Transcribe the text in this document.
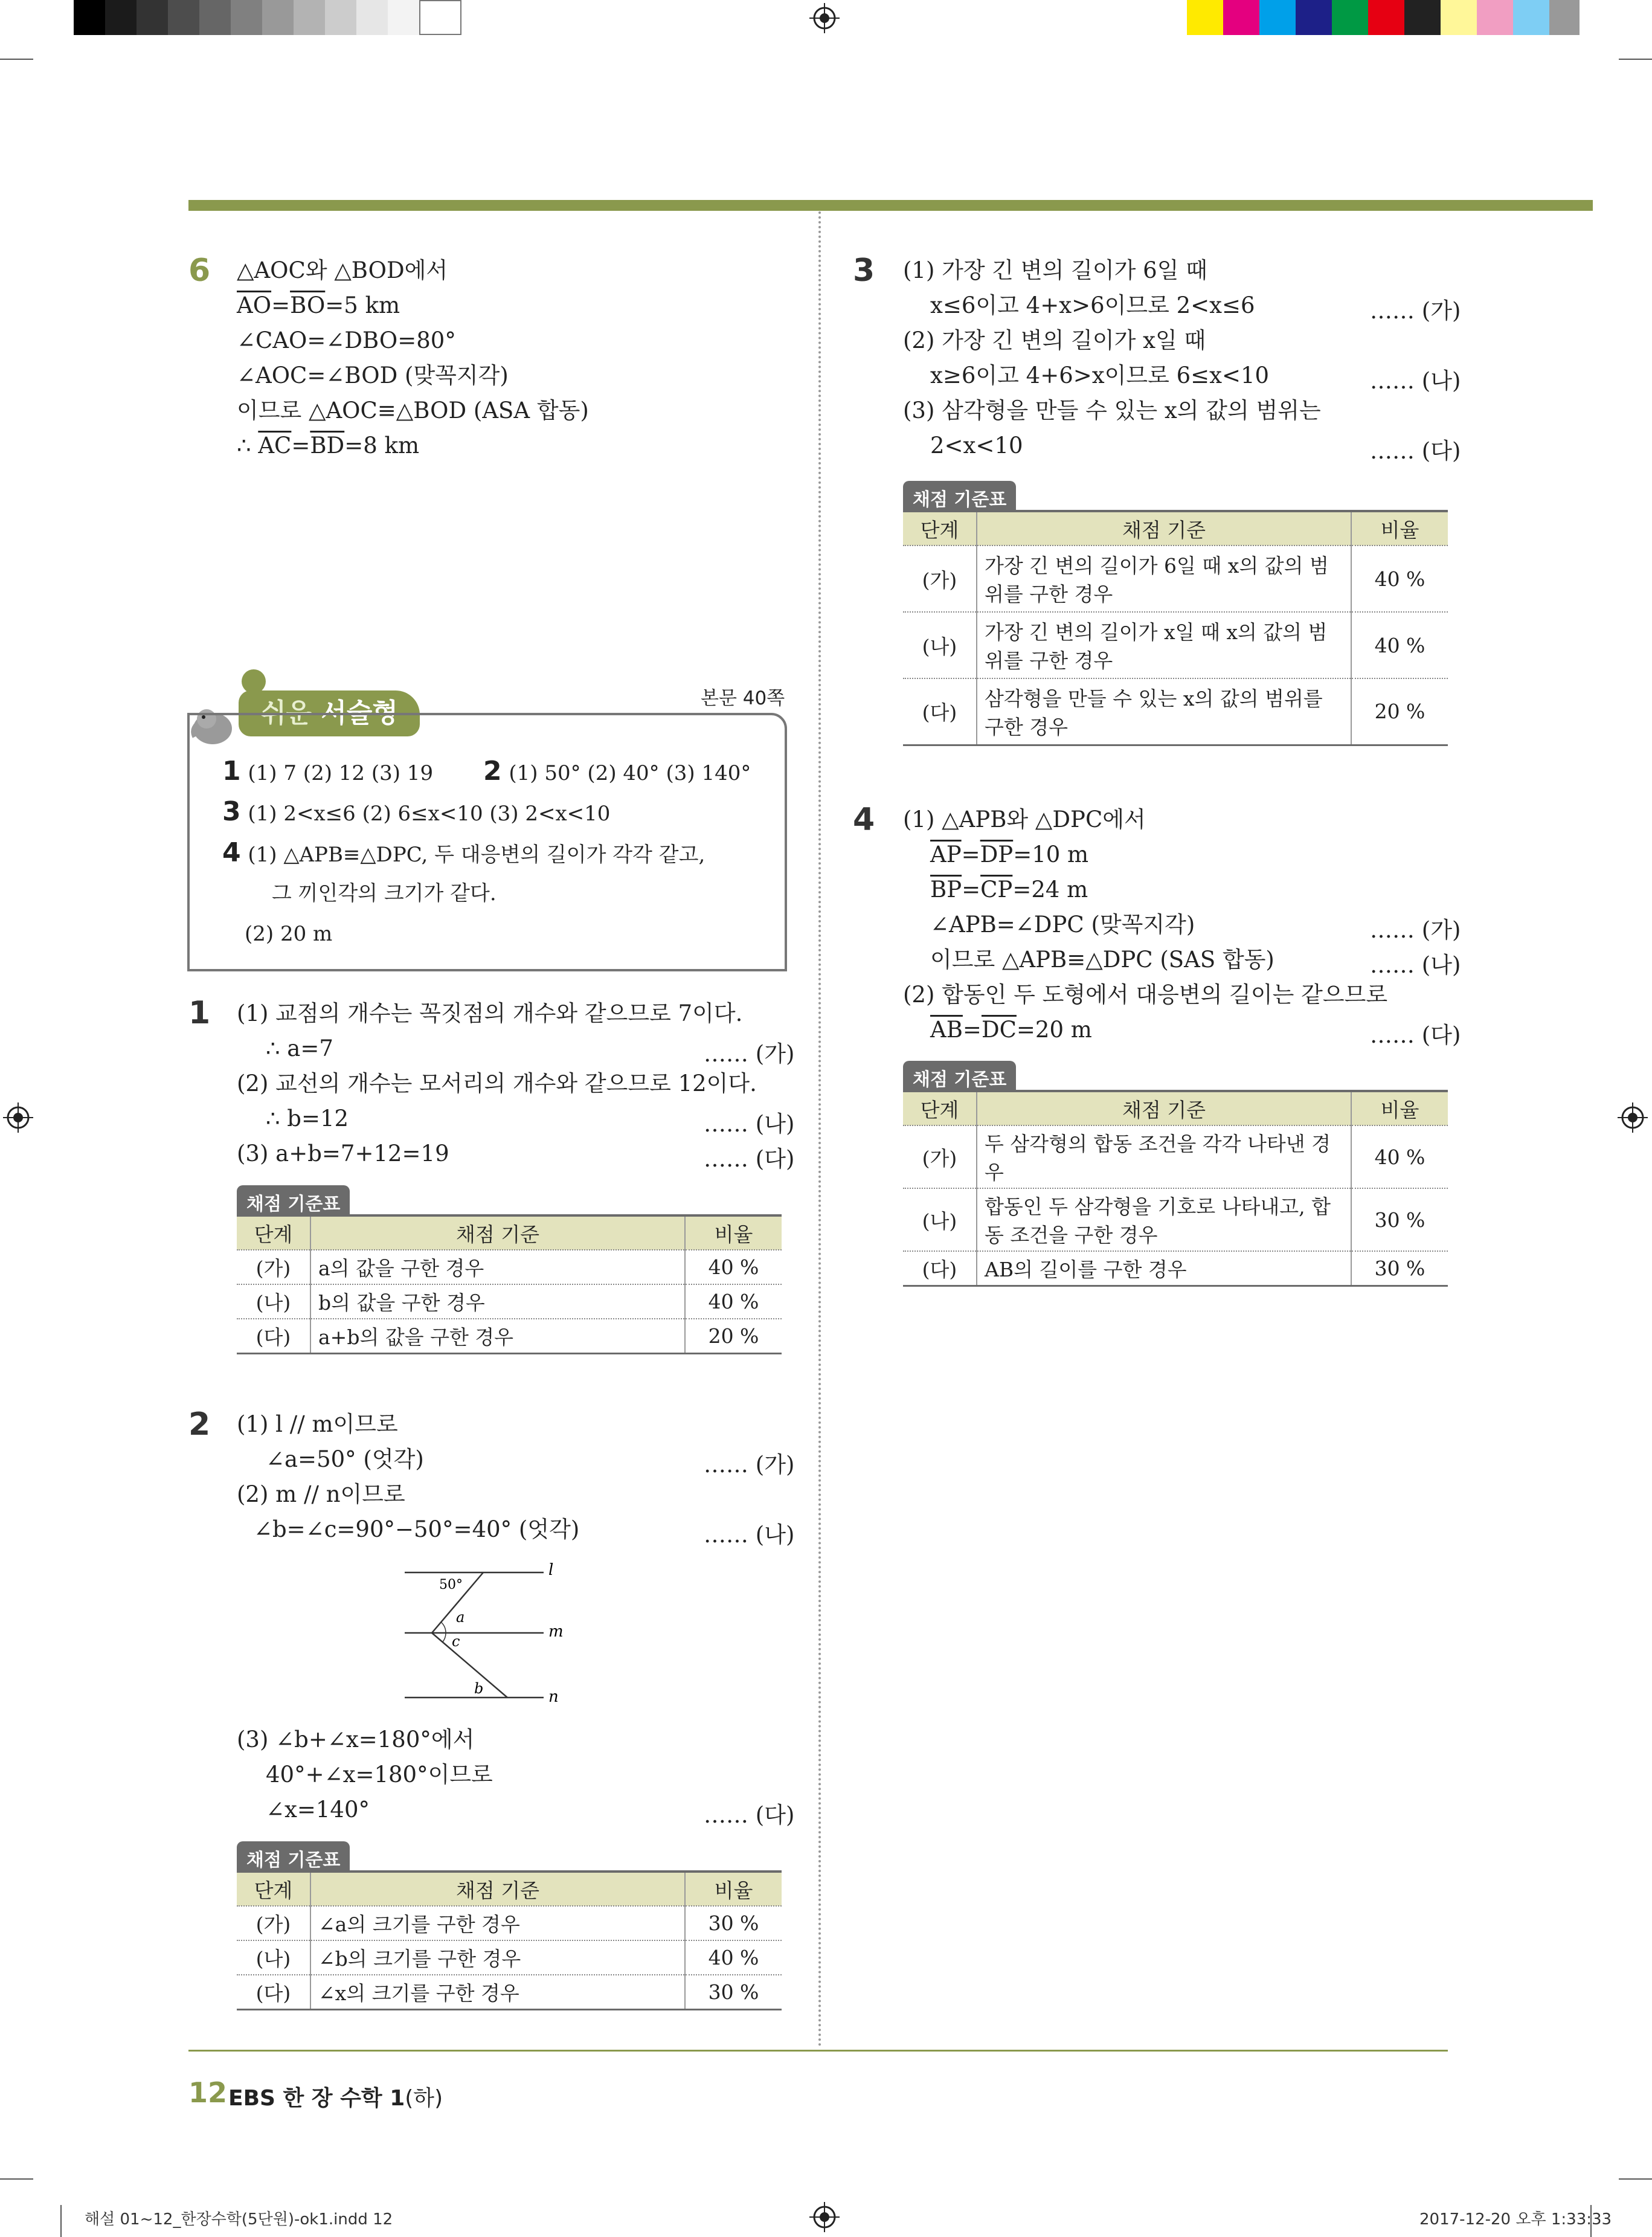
6 △AOC와 △BOD에서
$\overline{AO}=\overline{BO}=5$ km
∠CAO=∠DBO=80°
∠AOC=∠BOD (맞꼭지각)
이므로 △AOC≡△BOD (ASA 합동)
∴ $\overline{AC}=\overline{BD}=8$ km
쉬운 서술형	본문 40쪽
1 (1) 7 (2) 12 (3) 19 2 (1) 50° (2) 40° (3) 140°
3 (1) 2<x≤6 (2) 6≤x<10 (3) 2<x<10
4 (1) △APB≡△DPC, 두 대응변의 길이가 각각 같고,
그 끼인각의 크기가 같다.
(2) 20 m
1 (1) 교점의 개수는 꼭짓점의 개수와 같으므로 7이다.
∴ a=7	…… (가)
(2) 교선의 개수는 모서리의 개수와 같으므로 12이다.
∴ b=12	…… (나)
(3) a+b=7+12=19	…… (다)
채점 기준표
단계	채점 기준	비율
(가)	a의 값을 구한 경우	40 %
(나)	b의 값을 구한 경우	40 %
(다)	a+b의 값을 구한 경우	20 %
2 (1) l // m이므로
∠a=50° (엇각)	…… (가)
(2) m // n이므로
∠b=∠c=90°−50°=40° (엇각)	…… (나)
50°
a
c
b
l
m
n
(3) ∠b+∠x=180°에서
40°+∠x=180°이므로
∠x=140°	…… (다)
채점 기준표
단계	채점 기준	비율
(가)	∠a의 크기를 구한 경우	30 %
(나)	∠b의 크기를 구한 경우	40 %
(다)	∠x의 크기를 구한 경우	30 %
3 (1) 가장 긴 변의 길이가 6일 때
x≤6이고 4+x>6이므로 2<x≤6	…… (가)
(2) 가장 긴 변의 길이가 x일 때
x≥6이고 4+6>x이므로 6≤x<10	…… (나)
(3) 삼각형을 만들 수 있는 x의 값의 범위는
2<x<10	…… (다)
채점 기준표
단계	채점 기준	비율
(가)	가장 긴 변의 길이가 6일 때 x의 값의 범위를 구한 경우	40 %
(나)	가장 긴 변의 길이가 x일 때 x의 값의 범위를 구한 경우	40 %
(다)	삼각형을 만들 수 있는 x의 값의 범위를 구한 경우	20 %
4 (1) △APB와 △DPC에서
$\overline{AP}=\overline{DP}=10$ m
$\overline{BP}=\overline{CP}=24$ m
∠APB=∠DPC (맞꼭지각)	…… (가)
이므로 △APB≡△DPC (SAS 합동)	…… (나)
(2) 합동인 두 도형에서 대응변의 길이는 같으므로
$\overline{AB}=\overline{DC}=20$ m	…… (다)
채점 기준표
단계	채점 기준	비율
(가)	두 삼각형의 합동 조건을 각각 나타낸 경우	40 %
(나)	합동인 두 삼각형을 기호로 나타내고, 합동 조건을 구한 경우	30 %
(다)	AB의 길이를 구한 경우	30 %
12 EBS 한 장 수학 1(하)
해설 01~12_한장수학(5단원)-ok1.indd 12	2017-12-20 오후 1:33:33
